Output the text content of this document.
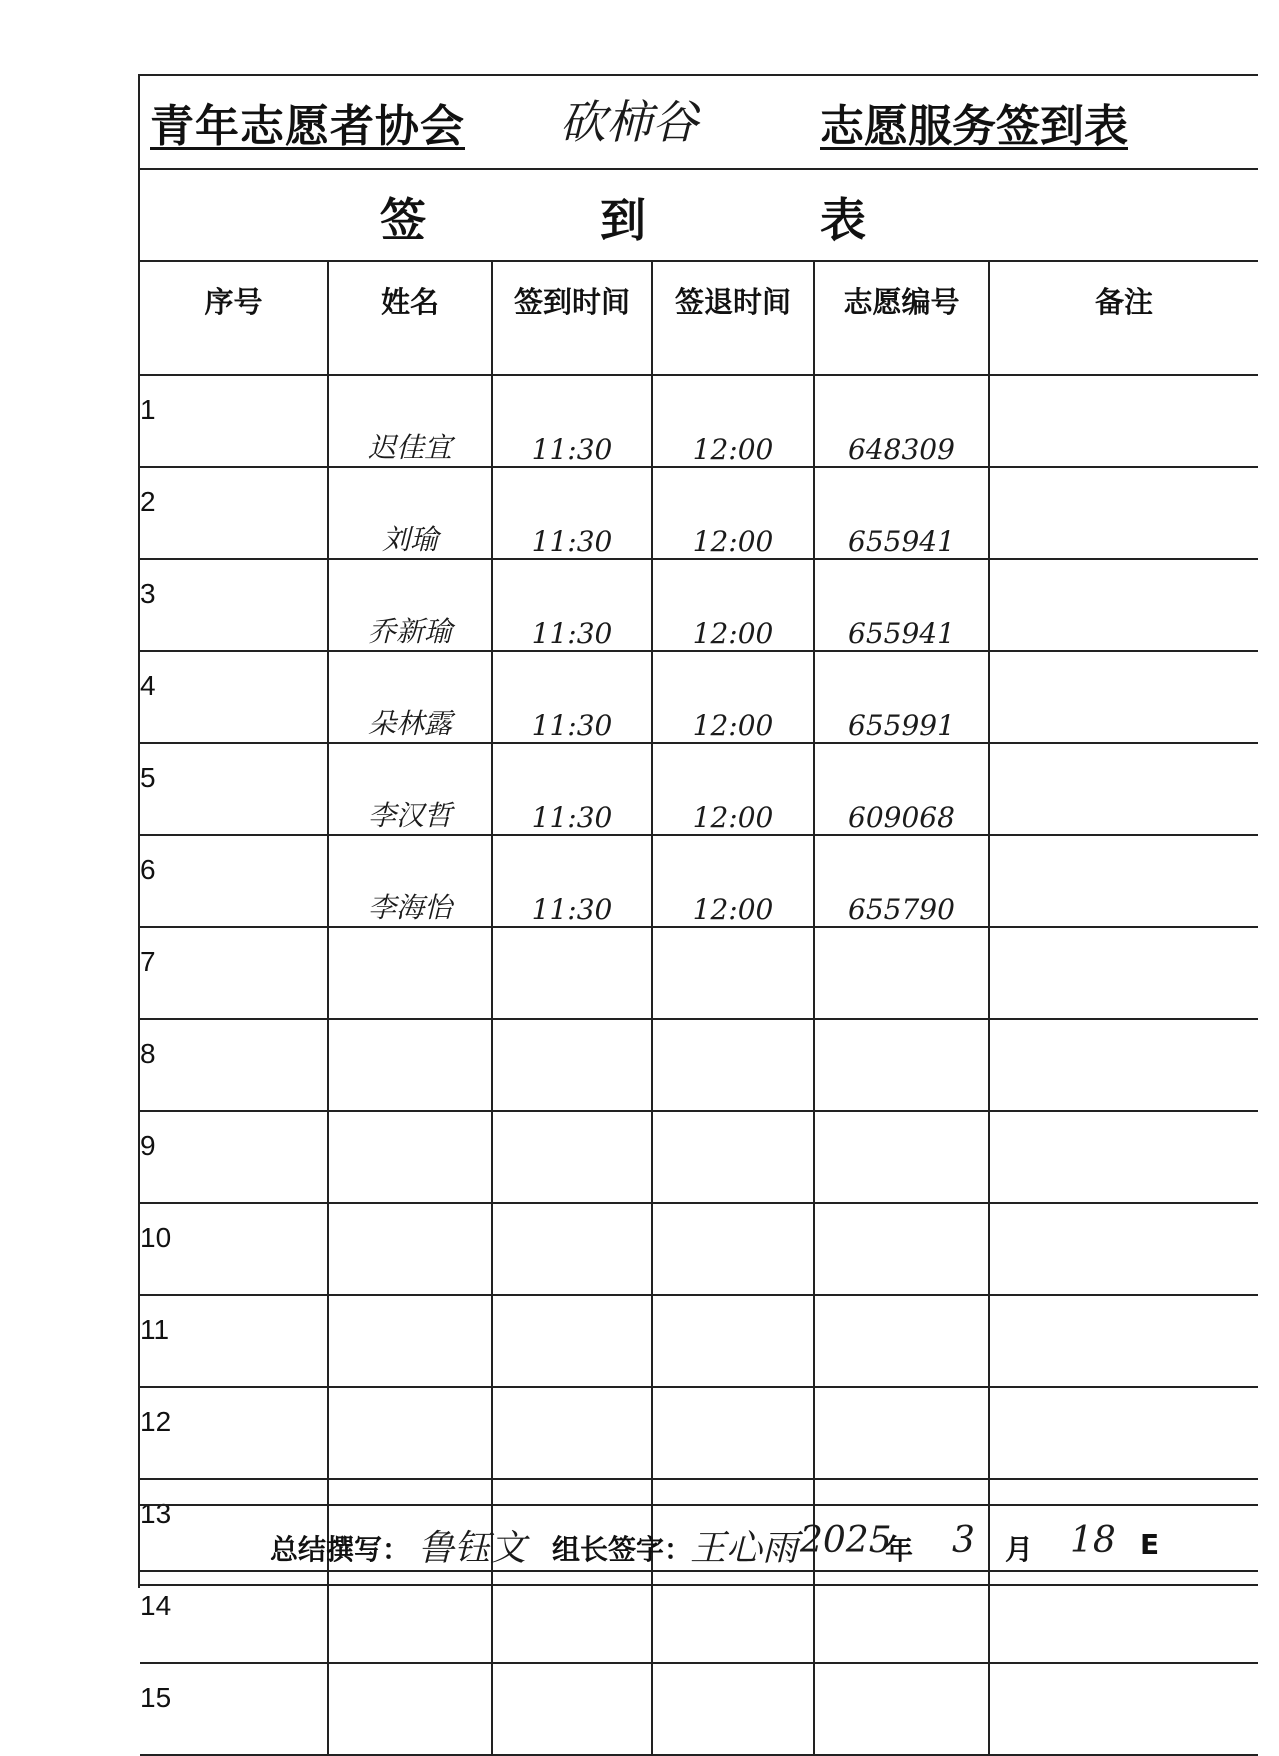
青年志愿者协会 砍柿谷	志愿服务签到表
签	到	表
序号	姓名	签到时间	签退时间	志愿编号	备注
1	迟佳宜	11:30	12:00	648309	
2	刘瑜	11:30	12:00	655941	
3	乔新瑜	11:30	12:00	655941	
4	朵林露	11:30	12:00	655991	
5	李汉哲	11:30	12:00	609068	
6	李海怡	11:30	12:00	655790	
7					
8					
9					
10					
11					
12					
13					
14					
15					
总结撰写： 鲁钰文 组长签字：
王心雨 2025
年 3 月 18 E
